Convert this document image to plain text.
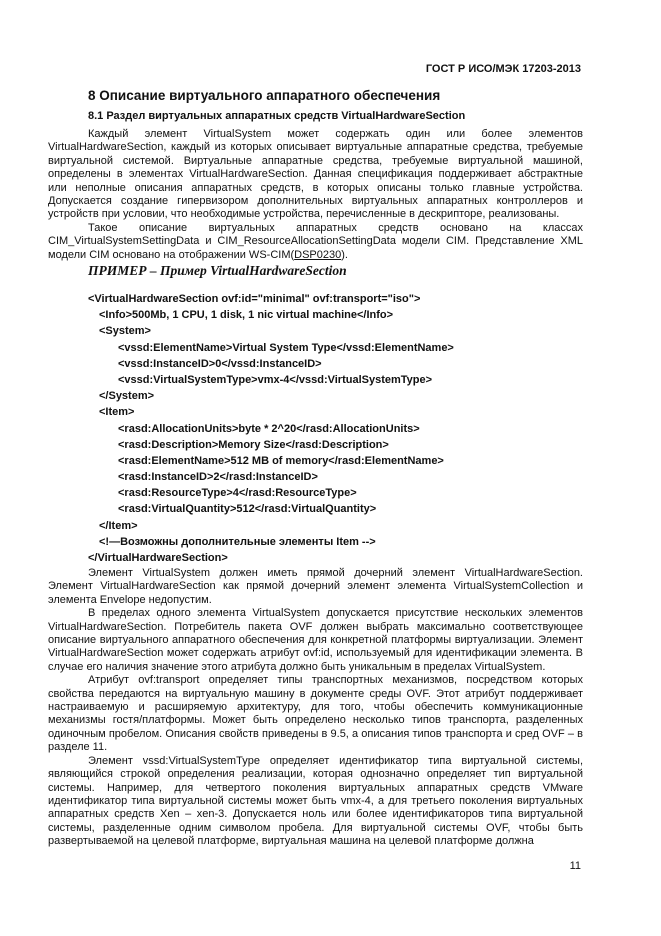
ГОСТ Р ИСО/МЭК 17203-2013
8 Описание виртуального аппаратного обеспечения
8.1 Раздел виртуальных аппаратных средств VirtualHardwareSection

Каждый элемент VirtualSystem может содержать один или более элементов VirtualHardwareSection, каждый из которых описывает виртуальные аппаратные средства, требуемые виртуальной системой. Виртуальные аппаратные средства, требуемые виртуальной машиной, определены в элементах VirtualHardwareSection. Данная спецификация поддерживает абстрактные или неполные описания аппаратных средств, в которых описаны только главные устройства. Допускается создание гипервизором дополнительных виртуальных аппаратных контроллеров и устройств при условии, что необходимые устройства, перечисленные в дескрипторе, реализованы.

Такое описание виртуальных аппаратных средств основано на классах CIM_VirtualSystemSettingData и CIM_ResourceAllocationSettingData модели CIM. Представление XML модели CIM основано на отображении WS-CIM(DSP0230).

ПРИМЕР – Пример VirtualHardwareSection
<VirtualHardwareSection ovf:id="minimal" ovf:transport="iso">
<Info>500Mb, 1 CPU, 1 disk, 1 nic virtual machine</Info>
<System>
<vssd:ElementName>Virtual System Type</vssd:ElementName>
<vssd:InstanceID>0</vssd:InstanceID>
<vssd:VirtualSystemType>vmx-4</vssd:VirtualSystemType>
</System>
<Item>
<rasd:AllocationUnits>byte * 2^20</rasd:AllocationUnits>
<rasd:Description>Memory Size</rasd:Description>
<rasd:ElementName>512 MB of memory</rasd:ElementName>
<rasd:InstanceID>2</rasd:InstanceID>
<rasd:ResourceType>4</rasd:ResourceType>
<rasd:VirtualQuantity>512</rasd:VirtualQuantity>
</Item>
<!—Возможны дополнительные элементы Item -->
</VirtualHardwareSection>

Элемент VirtualSystem должен иметь прямой дочерний элемент VirtualHardwareSection. Элемент VirtualHardwareSection как прямой дочерний элемент элемента VirtualSystemCollection и элемента Envelope недопустим.

В пределах одного элемента VirtualSystem допускается присутствие нескольких элементов VirtualHardwareSection. Потребитель пакета OVF должен выбрать максимально соответствующее описание виртуального аппаратного обеспечения для конкретной платформы виртуализации. Элемент VirtualHardwareSection может содержать атрибут ovf:id, используемый для идентификации элемента. В случае его наличия значение этого атрибута должно быть уникальным в пределах VirtualSystem.

Атрибут ovf:transport определяет типы транспортных механизмов, посредством которых свойства передаются на виртуальную машину в документе среды OVF. Этот атрибут поддерживает настраиваемую и расширяемую архитектуру, для того, чтобы обеспечить коммуникационные механизмы гостя/платформы. Может быть определено несколько типов транспорта, разделенных одиночным пробелом. Описания свойств приведены в 9.5, а описания типов транспорта и сред OVF – в разделе 11.

Элемент vssd:VirtualSystemType определяет идентификатор типа виртуальной системы, являющийся строкой определения реализации, которая однозначно определяет тип виртуальной системы. Например, для четвертого поколения виртуальных аппаратных средств VMware идентификатор типа виртуальной системы может быть vmx-4, а для третьего поколения виртуальных аппаратных средств Xen – xen-3. Допускается ноль или более идентификаторов типа виртуальной системы, разделенные одним символом пробела. Для виртуальной системы OVF, чтобы быть развертываемой на целевой платформе, виртуальная машина на целевой платформе должна

11
